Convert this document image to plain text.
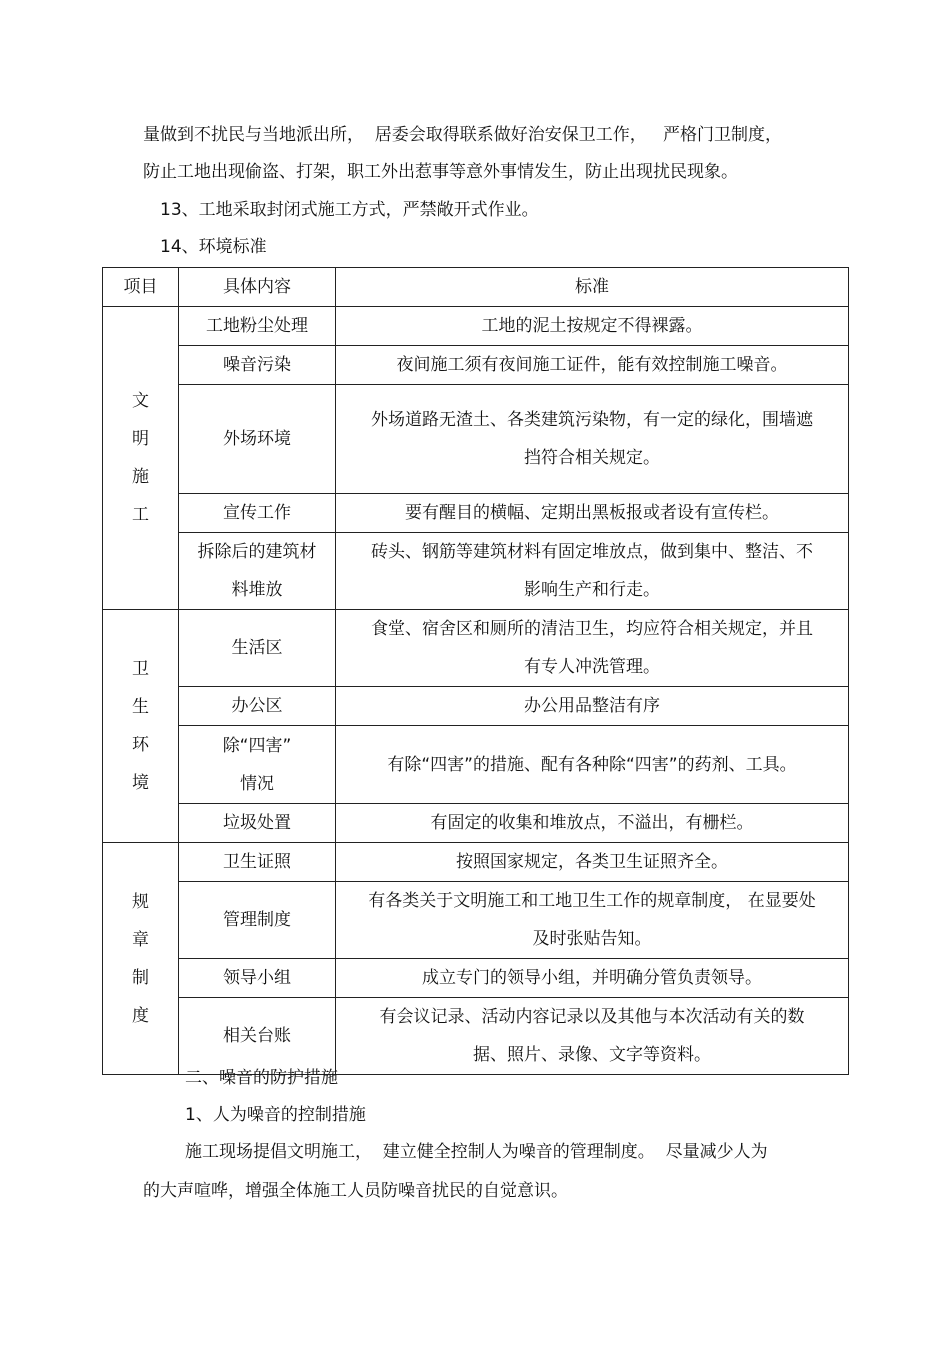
量做到不扰民与当地派出所，  居委会取得联系做好治安保卫工作，   严格门卫制度，
防止工地出现偷盗、打架，职工外出惹事等意外事情发生，防止出现扰民现象。
13、工地采取封闭式施工方式，严禁敞开式作业。
14、环境标准
项目	具体内容	标准
文明施工	工地粉尘处理	工地的泥土按规定不得裸露。
	噪音污染	夜间施工须有夜间施工证件，能有效控制施工噪音。
	外场环境	外场道路无渣土、各类建筑污染物，有一定的绿化，围墙遮
挡符合相关规定。
	宣传工作	要有醒目的横幅、定期出黑板报或者设有宣传栏。
	拆除后的建筑材
料堆放	砖头、钢筋等建筑材料有固定堆放点，做到集中、整洁、不
影响生产和行走。
卫生环境	生活区	食堂、宿舍区和厕所的清洁卫生，均应符合相关规定，并且
有专人冲洗管理。
	办公区	办公用品整洁有序
	除“四害”
情况	有除“四害”的措施、配有各种除“四害”的药剂、工具。
	垃圾处置	有固定的收集和堆放点，不溢出，有栅栏。
规章制度	卫生证照	按照国家规定，各类卫生证照齐全。
	管理制度	有各类关于文明施工和工地卫生工作的规章制度， 在显要处
及时张贴告知。
	领导小组	成立专门的领导小组，并明确分管负责领导。
	相关台账	有会议记录、活动内容记录以及其他与本次活动有关的数
据、照片、录像、文字等资料。
二、噪音的防护措施
1、人为噪音的控制措施
施工现场提倡文明施工，  建立健全控制人为噪音的管理制度。  尽量减少人为
的大声喧哗，增强全体施工人员防噪音扰民的自觉意识。
